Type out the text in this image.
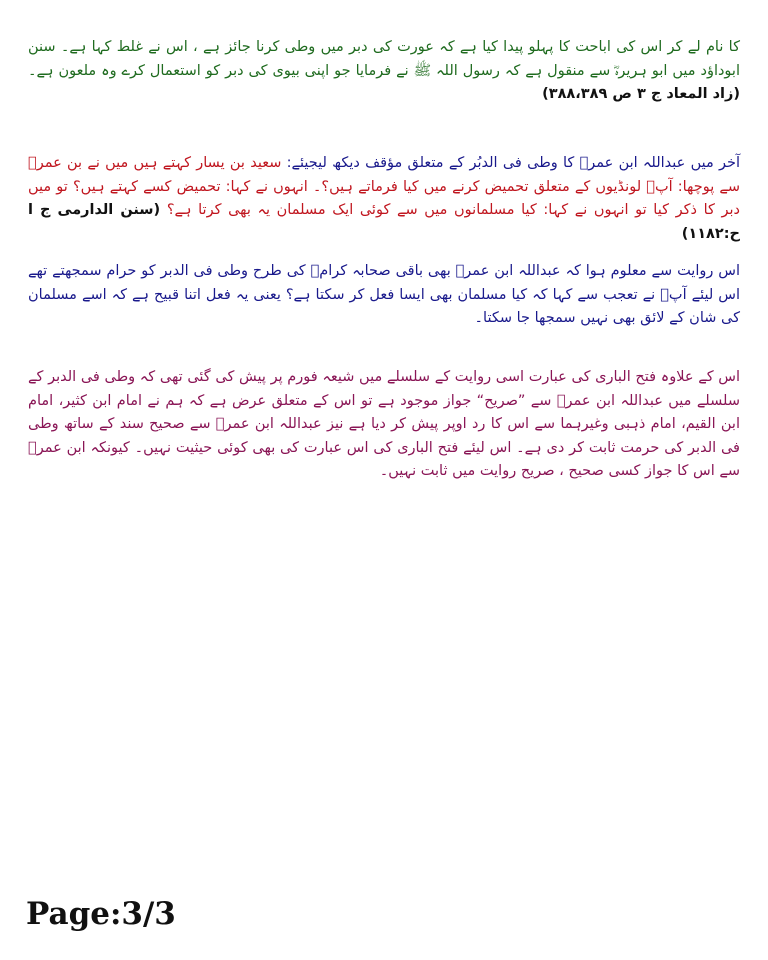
کا نام لے کر اس کی اباحت کا پہلو پیدا کیا ہے کہ عورت کی دبر میں وطی کرنا جائز ہے ، اس نے غلط کہا ہے۔ سنن ابوداؤد میں ابو ہریرہؓ سے منقول ہے کہ رسول اللہ ﷺ نے فرمایا جو اپنی بیوی کی دبر کو استعمال کرے وہ ملعون ہے۔ (زاد المعاد ج ۳ ص ۳۸۸،۳۸۹)

آخر میں عبداللہ ابن عمرؓ کا وطی فی الدبُر کے متعلق مؤقف دیکھ لیجیئے: سعید بن یسار کہتے ہیں میں نے بن عمرؓ سے پوچھا: آپؓ لونڈیوں کے متعلق تحمیض کرنے میں کیا فرماتے ہیں؟۔ انہوں نے کہا: تحمیض کسے کہتے ہیں؟ تو میں دبر کا ذکر کیا تو انہوں نے کہا: کیا مسلمانوں میں سے کوئی ایک مسلمان یہ بھی کرتا ہے؟ (سنن الدارمی ج ا ح:۱۱۸۲)

اس روایت سے معلوم ہوا کہ عبداللہ ابن عمرؓ بھی باقی صحابہ کرامؓ کی طرح وطی فی الدبر کو حرام سمجھتے تھے اس لیئے آپؓ نے تعجب سے کہا کہ کیا مسلمان بھی ایسا فعل کر سکتا ہے؟ یعنی یہ فعل اتنا قبیح ہے کہ اسے مسلمان کی شان کے لائق بھی نہیں سمجھا جا سکتا۔

اس کے علاوہ فتح الباری کی عبارت اسی روایت کے سلسلے میں شیعہ فورم پر پیش کی گئی تھی کہ وطی فی الدبر کے سلسلے میں عبداللہ ابن عمرؓ سے ”صریح“ جواز موجود ہے تو اس کے متعلق عرض ہے کہ ہم نے امام ابن کثیر، امام ابن القیم، امام ذہبی وغیرہما سے اس کا رد اوپر پیش کر دیا ہے نیز عبداللہ ابن عمرؓ سے صحیح سند کے ساتھ وطی فی الدبر کی حرمت ثابت کر دی ہے۔ اس لیئے فتح الباری کی اس عبارت کی بھی کوئی حیثیت نہیں۔ کیونکہ ابن عمرؓ سے اس کا جواز کسی صحیح ، صریح روایت میں ثابت نہیں۔

Page:3/3
